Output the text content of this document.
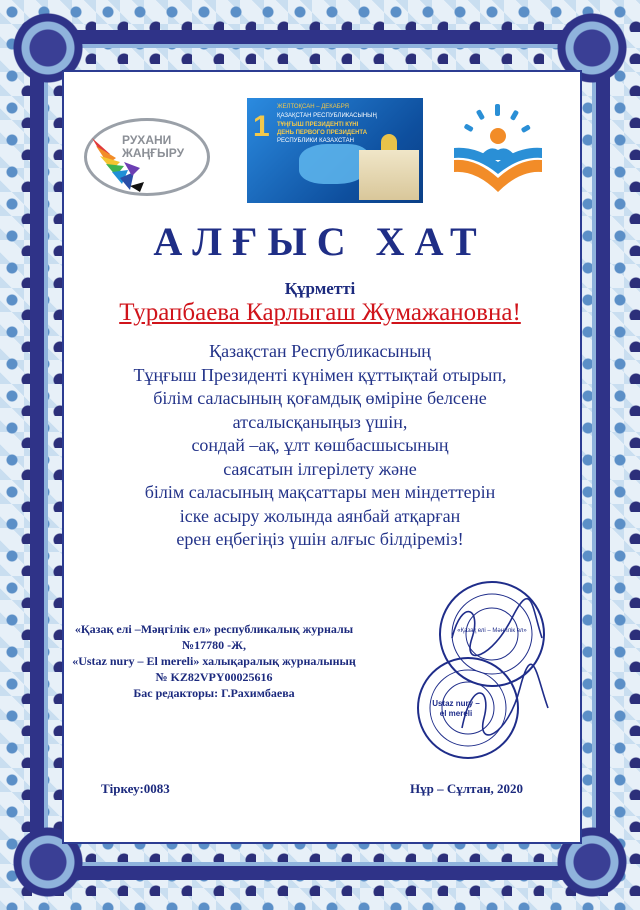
РУХАНИ
ЖАҢҒЫРУ
1
ЖЕЛТОҚСАН – ДЕКАБРЯ
ҚАЗАҚСТАН РЕСПУБЛИКАСЫНЫҢ
ТҰҢҒЫШ ПРЕЗИДЕНТІ КҮНІ
ДЕНЬ ПЕРВОГО ПРЕЗИДЕНТА
РЕСПУБЛИКИ КАЗАХСТАН
АЛҒЫС ХАТ
Құрметті
Турапбаева Карлыгаш Жумажановна!
Қазақстан Республикасының
Тұңғыш Президенті күнімен құттықтай отырып,
білім саласының қоғамдық өміріне белсене
атсалысқаныңыз үшін,
сондай –ақ, ұлт көшбасшысының
саясатын ілгерілету және
білім саласының мақсаттары мен міндеттерін
іске асыру жолында аянбай атқарған
ерен еңбегіңіз үшін алғыс білдіреміз!
«Қазақ елі –Мәңгілік ел» республикалық журналы
№17780 -Ж,
«Ustaz nury – El mereli» халықаралық журналының
№ KZ82VPY00025616
Бас редакторы: Г.Рахимбаева
«Қазақ елі – Мәңгілік ел»
Ustaz nury –
el mereli
Тіркеу:0083	Нұр – Сұлтан, 2020
